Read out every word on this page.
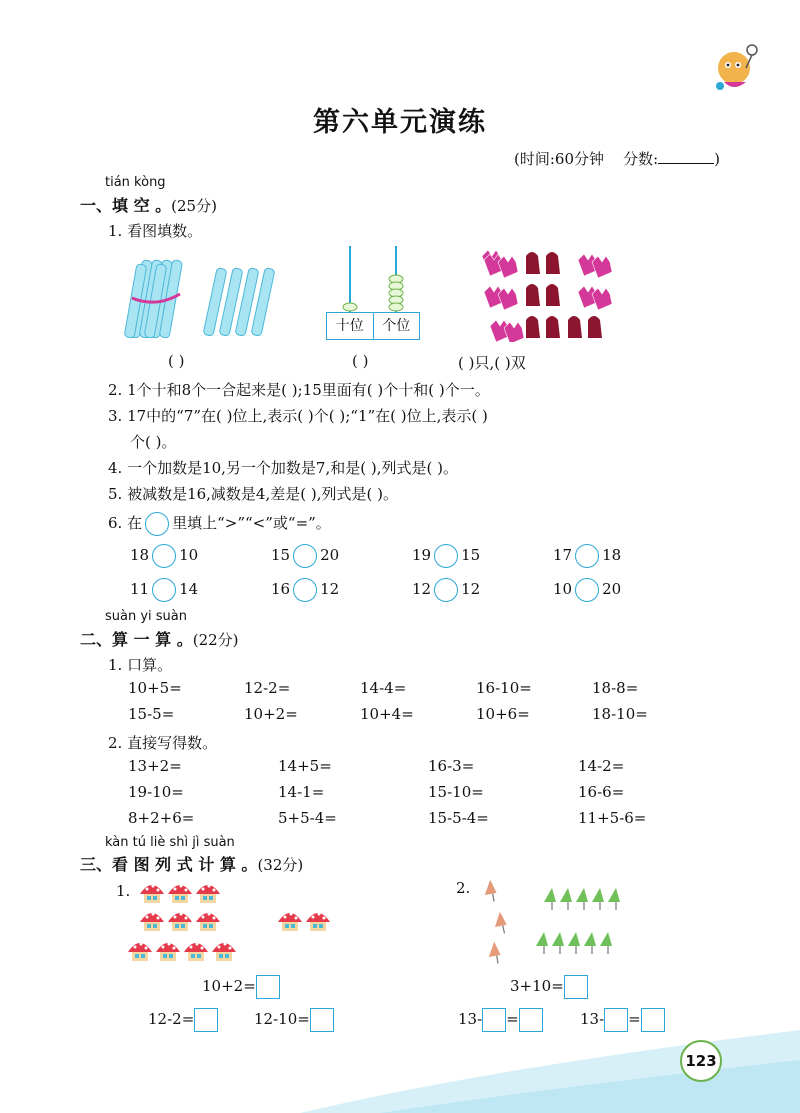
第六单元演练
(时间:60分钟 分数:	)
tián kòng
一、填 空 。(25分)
1. 看图填数。
十位	个位
( )	( )	( )只,( )双
2. 1个十和8个一合起来是( );15里面有( )个十和( )个一。
3. 17中的“7”在( )位上,表示( )个( );“1”在( )位上,表示( )
个( )。
4. 一个加数是10,另一个加数是7,和是( ),列式是( )。
5. 被减数是16,减数是4,差是( ),列式是( )。
6. 在 里填上“>”“<”或“=”。
18 10	15 20	19 15	17 18
11 14	16 12	12 12	10 20
suàn yi suàn
二、算 一 算 。(22分)
1. 口算。
10+5=	12-2=	14-4=	16-10=	18-8=
15-5=	10+2=	10+4=	10+6=	18-10=
2. 直接写得数。
13+2=	14+5=	16-3=	14-2=
19-10=	14-1=	15-10=	16-6=
8+2+6=	5+5-4=	15-5-4=	11+5-6=
kàn tú liè shì jì suàn
三、看 图 列 式 计 算 。(32分)
1.
10+2=
12-2=	12-10=
2.
3+10=
13- =	13- =
123
